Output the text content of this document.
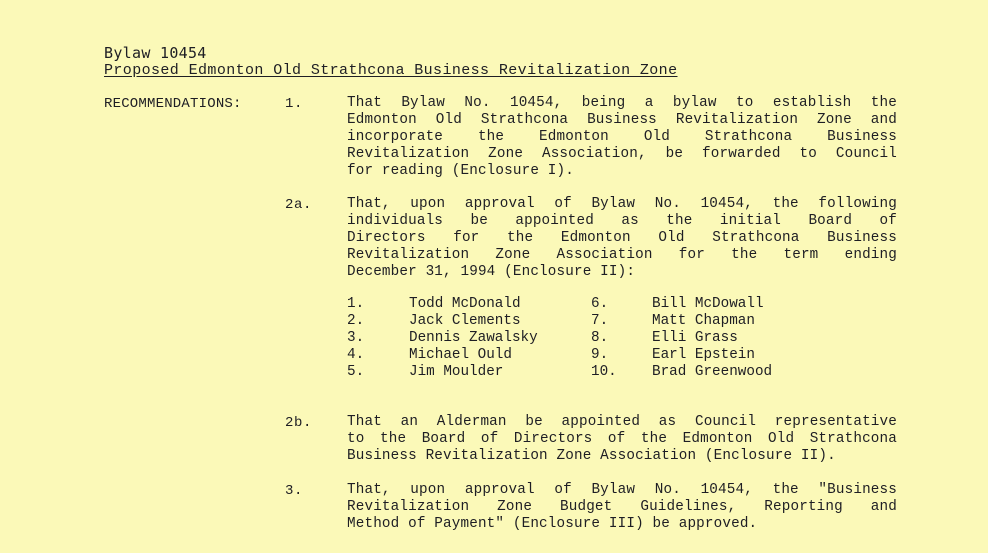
Bylaw 10454
Proposed Edmonton Old Strathcona Business Revitalization Zone
RECOMMENDATIONS:	1.	That Bylaw No. 10454, being a bylaw to establish the
Edmonton Old Strathcona Business Revitalization Zone and
incorporate the Edmonton Old Strathcona Business
Revitalization Zone Association, be forwarded to Council
for reading (Enclosure I).
2a. That, upon approval of Bylaw No. 10454, the following
individuals be appointed as the initial Board of
Directors for the Edmonton Old Strathcona Business
Revitalization Zone Association for the term ending
December 31, 1994 (Enclosure II):
1.	Todd McDonald	6.	Bill McDowall
2.	Jack Clements	7.	Matt Chapman
3.	Dennis Zawalsky	8.	Elli Grass
4.	Michael Ould	9.	Earl Epstein
5.	Jim Moulder	10. Brad Greenwood
2b. That an Alderman be appointed as Council representative
to the Board of Directors of the Edmonton Old Strathcona
Business Revitalization Zone Association (Enclosure II).
3.	That, upon approval of Bylaw No. 10454, the "Business
Revitalization Zone Budget Guidelines, Reporting and
Method of Payment" (Enclosure III) be approved.
